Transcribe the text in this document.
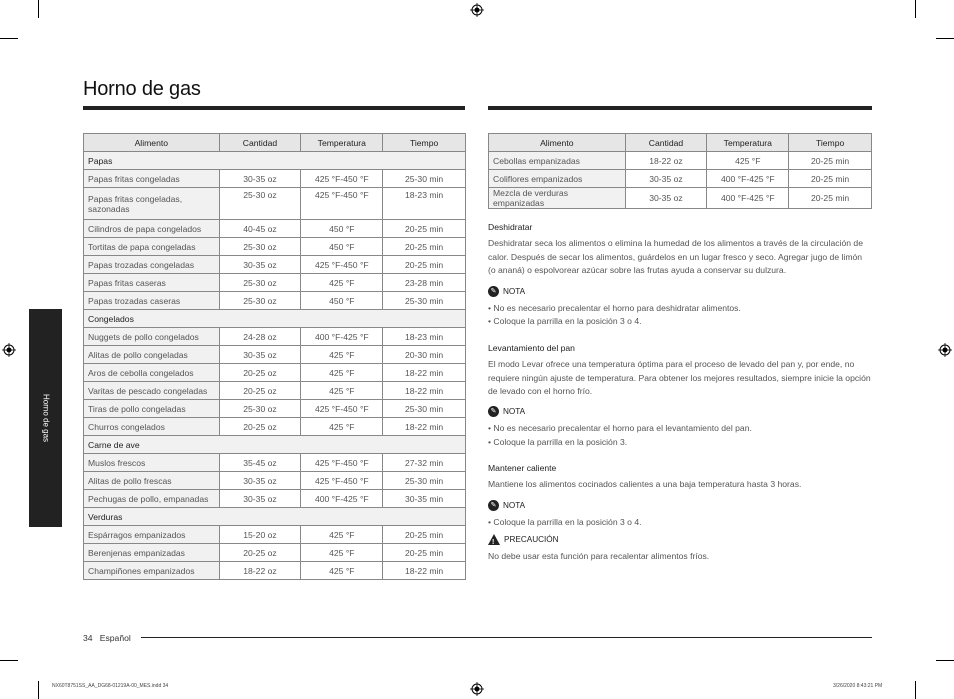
Horno de gas
Horno de gas
Alimento	Cantidad	Temperatura	Tiempo
Papas			
Papas fritas congeladas	30-35 oz	425 °F-450 °F	25-30 min
Papas fritas congeladas, sazonadas	25-30 oz	425 °F-450 °F	18-23 min
Cilindros de papa congelados	40-45 oz	450 °F	20-25 min
Tortitas de papa congeladas	25-30 oz	450 °F	20-25 min
Papas trozadas congeladas	30-35 oz	425 °F-450 °F	20-25 min
Papas fritas caseras	25-30 oz	425 °F	23-28 min
Papas trozadas caseras	25-30 oz	450 °F	25-30 min
Congelados			
Nuggets de pollo congelados	24-28 oz	400 °F-425 °F	18-23 min
Alitas de pollo congeladas	30-35 oz	425 °F	20-30 min
Aros de cebolla congelados	20-25 oz	425 °F	18-22 min
Varitas de pescado congeladas	20-25 oz	425 °F	18-22 min
Tiras de pollo congeladas	25-30 oz	425 °F-450 °F	25-30 min
Churros congelados	20-25 oz	425 °F	18-22 min
Carne de ave			
Muslos frescos	35-45 oz	425 °F-450 °F	27-32 min
Alitas de pollo frescas	30-35 oz	425 °F-450 °F	25-30 min
Pechugas de pollo, empanadas	30-35 oz	400 °F-425 °F	30-35 min
Verduras			
Espárragos empanizados	15-20 oz	425 °F	20-25 min
Berenjenas empanizadas	20-25 oz	425 °F	20-25 min
Champiñones empanizados	18-22 oz	425 °F	18-22 min
Alimento	Cantidad	Temperatura	Tiempo
Cebollas empanizadas	18-22 oz	425 °F	20-25 min
Coliflores empanizados	30-35 oz	400 °F-425 °F	20-25 min
Mezcla de verduras empanizadas	30-35 oz	400 °F-425 °F	20-25 min
Deshidratar
Deshidratar seca los alimentos o elimina la humedad de los alimentos a través de la circulación de calor. Después de secar los alimentos, guárdelos en un lugar fresco y seco. Agregar jugo de limón (o ananá) o espolvorear azúcar sobre las frutas ayuda a conservar su dulzura.
✎ NOTA
• No es necesario precalentar el horno para deshidratar alimentos.
• Coloque la parrilla en la posición 3 o 4.
Levantamiento del pan
El modo Levar ofrece una temperatura óptima para el proceso de levado del pan y, por ende, no requiere ningún ajuste de temperatura. Para obtener los mejores resultados, siempre inicie la opción de levado con el horno frío.
✎ NOTA
• No es necesario precalentar el horno para el levantamiento del pan.
• Coloque la parrilla en la posición 3.
Mantener caliente
Mantiene los alimentos cocinados calientes a una baja temperatura hasta 3 horas.
✎ NOTA
• Coloque la parrilla en la posición 3 o 4.
!
PRECAUCIÓN
No debe usar esta función para recalentar alimentos fríos.
34 Español
NX60T8751SS_AA_DG68-01219A-00_MES.indd 34	3/26/2020 8:43:21 PM
